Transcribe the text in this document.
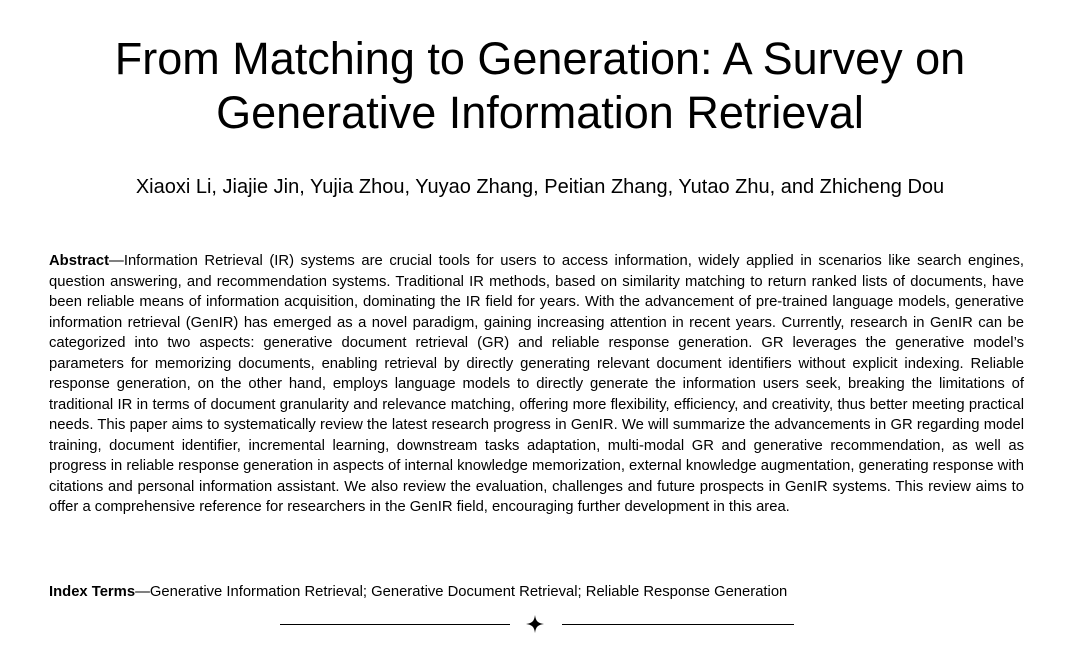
From Matching to Generation: A Survey on
Generative Information Retrieval
Xiaoxi Li, Jiajie Jin, Yujia Zhou, Yuyao Zhang, Peitian Zhang, Yutao Zhu, and Zhicheng Dou

Abstract—Information Retrieval (IR) systems are crucial tools for users to access information, widely applied in scenarios like search engines, question answering, and recommendation systems. Traditional IR methods, based on similarity matching to return ranked lists of documents, have been reliable means of information acquisition, dominating the IR field for years. With the advancement of pre-trained language models, generative information retrieval (GenIR) has emerged as a novel paradigm, gaining increasing attention in recent years. Currently, research in GenIR can be categorized into two aspects: generative document retrieval (GR) and reliable response generation. GR leverages the generative model’s parameters for memorizing documents, enabling retrieval by directly generating relevant document identifiers without explicit indexing. Reliable response generation, on the other hand, employs language models to directly generate the information users seek, breaking the limitations of traditional IR in terms of document granularity and relevance matching, offering more flexibility, efficiency, and creativity, thus better meeting practical needs. This paper aims to systematically review the latest research progress in GenIR. We will summarize the advancements in GR regarding model training, document identifier, incremental learning, downstream tasks adaptation, multi-modal GR and generative recommendation, as well as progress in reliable response generation in aspects of internal knowledge memorization, external knowledge augmentation, generating response with citations and personal information assistant. We also review the evaluation, challenges and future prospects in GenIR systems. This review aims to offer a comprehensive reference for researchers in the GenIR field, encouraging further development in this area.

Index Terms—Generative Information Retrieval; Generative Document Retrieval; Reliable Response Generation
